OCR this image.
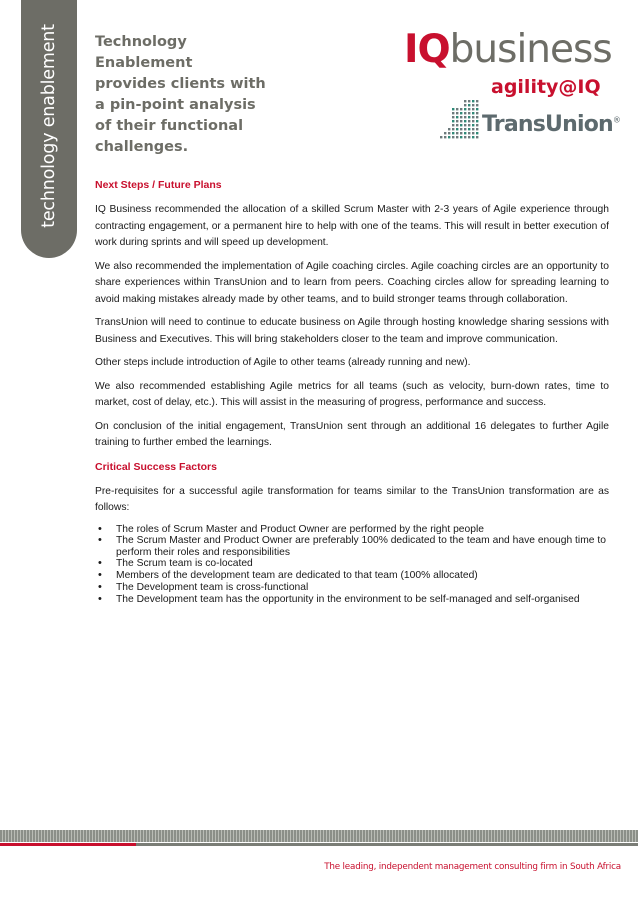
technology enablement Technology
Enablement
provides clients with
a pin-point analysis
of their functional
challenges.
IQbusiness
agility@IQ
TransUnion®
Next Steps / Future Plans

IQ Business recommended the allocation of a skilled Scrum Master with 2-3 years of Agile experience through contracting engagement, or a permanent hire to help with one of the teams. This will result in better execution of work during sprints and will speed up development.

We also recommended the implementation of Agile coaching circles. Agile coaching circles are an opportunity to share experiences within TransUnion and to learn from peers. Coaching circles allow for spreading learning to avoid making mistakes already made by other teams, and to build stronger teams through collaboration.

TransUnion will need to continue to educate business on Agile through hosting knowledge sharing sessions with Business and Executives. This will bring stakeholders closer to the team and improve communication.

Other steps include introduction of Agile to other teams (already running and new).

We also recommended establishing Agile metrics for all teams (such as velocity, burn-down rates, time to market, cost of delay, etc.). This will assist in the measuring of progress, performance and success.

On conclusion of the initial engagement, TransUnion sent through an additional 16 delegates to further Agile training to further embed the learnings.

Critical Success Factors

Pre-requisites for a successful agile transformation for teams similar to the TransUnion transformation are as follows:

• The roles of Scrum Master and Product Owner are performed by the right people
• The Scrum Master and Product Owner are preferably 100% dedicated to the team and have enough time to perform their roles and responsibilities
• The Scrum team is co-located
• Members of the development team are dedicated to that team (100% allocated)
• The Development team is cross-functional
• The Development team has the opportunity in the environment to be self-managed and self-organised
The leading, independent management consulting firm in South Africa
